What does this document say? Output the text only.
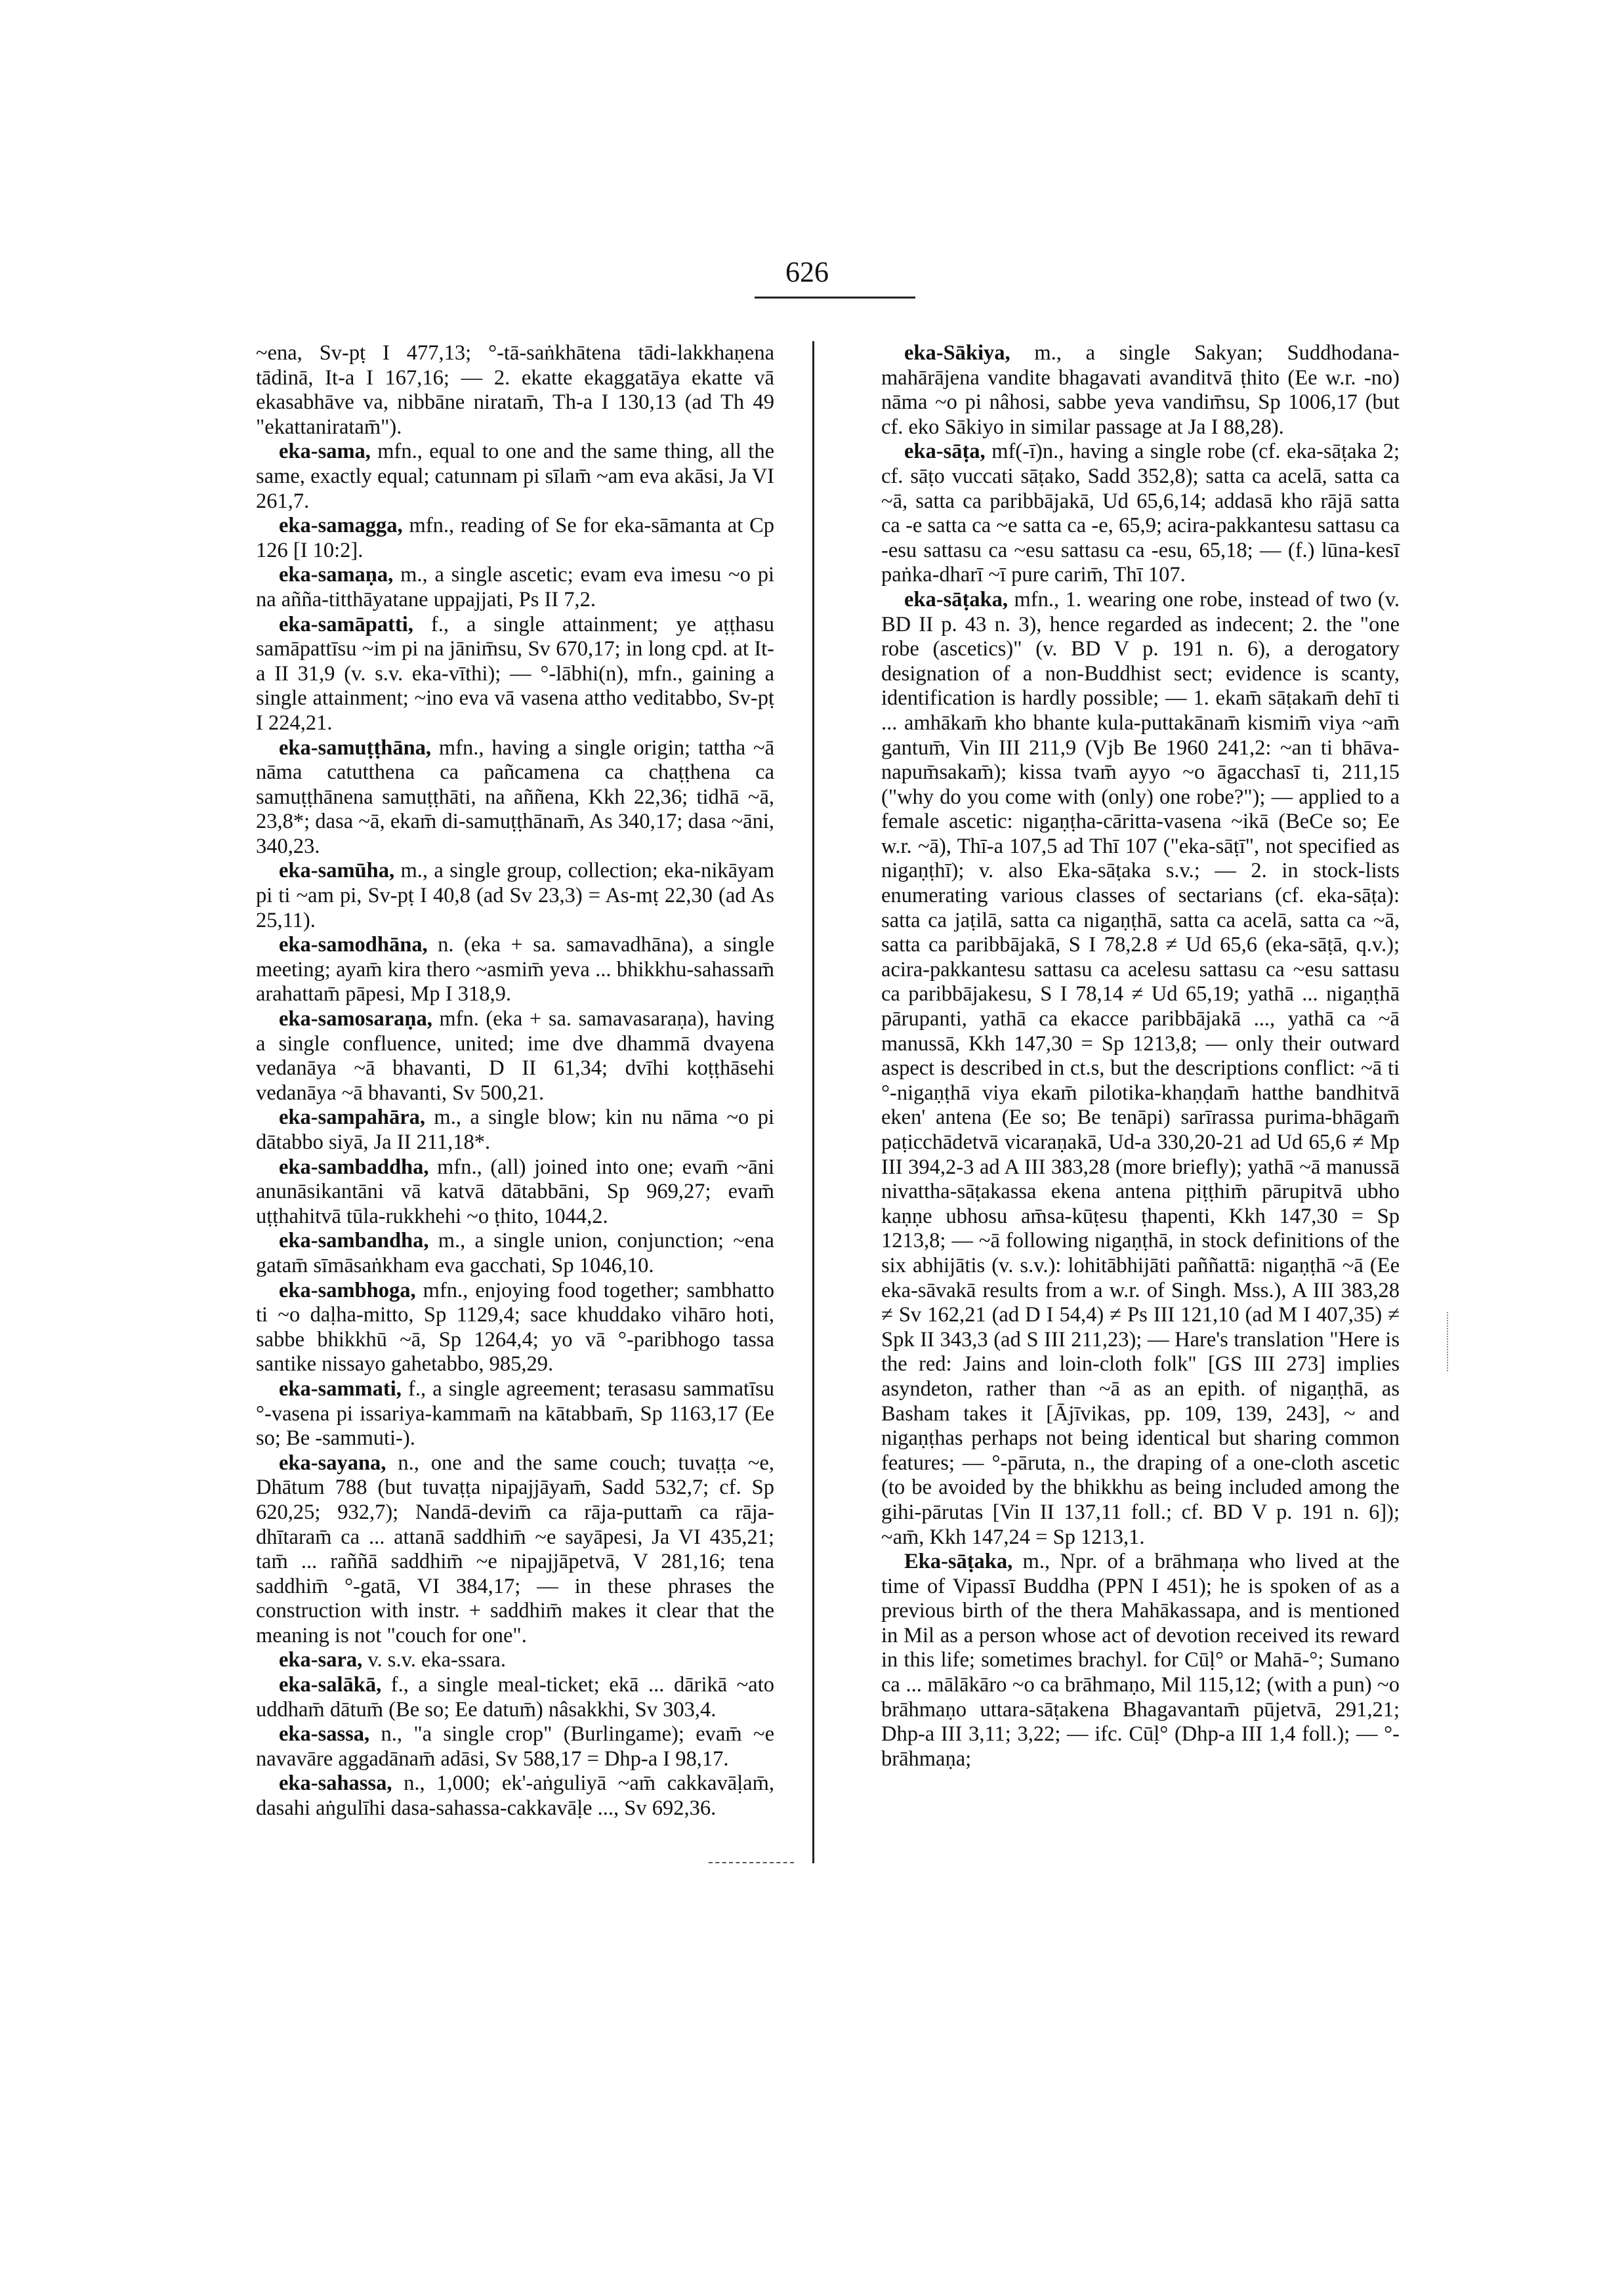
626

~ena, Sv-pṭ I 477,13; °-tā-saṅkhātena tādi-lakkhaṇena tādinā, It-a I 167,16; — 2. ekatte ekaggatāya ekatte vā ekasabhāve va, nibbāne niratam̄, Th-a I 130,13 (ad Th 49 "ekattaniratam̄").

eka-sama, mfn., equal to one and the same thing, all the same, exactly equal; catunnam pi sīlam̄ ~am eva akāsi, Ja VI 261,7.

eka-samagga, mfn., reading of Se for eka-sāmanta at Cp 126 [I 10:2].

eka-samaṇa, m., a single ascetic; evam eva imesu ~o pi na añña-titthāyatane uppajjati, Ps II 7,2.

eka-samāpatti, f., a single attainment; ye aṭṭhasu samāpattīsu ~im pi na jānim̄su, Sv 670,17; in long cpd. at It-a II 31,9 (v. s.v. eka-vīthi); — °-lābhi(n), mfn., gaining a single attainment; ~ino eva vā vasena attho veditabbo, Sv-pṭ I 224,21.

eka-samuṭṭhāna, mfn., having a single origin; tattha ~ā nāma catutthena ca pañcamena ca chaṭṭhena ca samuṭṭhānena samuṭṭhāti, na aññena, Kkh 22,36; tidhā ~ā, 23,8*; dasa ~ā, ekam̄ di-samuṭṭhānam̄, As 340,17; dasa ~āni, 340,23.

eka-samūha, m., a single group, collection; eka-nikāyam pi ti ~am pi, Sv-pṭ I 40,8 (ad Sv 23,3) = As-mṭ 22,30 (ad As 25,11).

eka-samodhāna, n. (eka + sa. samavadhāna), a single meeting; ayam̄ kira thero ~asmim̄ yeva ... bhikkhu-sahassam̄ arahattam̄ pāpesi, Mp I 318,9.

eka-samosaraṇa, mfn. (eka + sa. samavasaraṇa), having a single confluence, united; ime dve dhammā dvayena vedanāya ~ā bhavanti, D II 61,34; dvīhi koṭṭhāsehi vedanāya ~ā bhavanti, Sv 500,21.

eka-sampahāra, m., a single blow; kin nu nāma ~o pi dātabbo siyā, Ja II 211,18*.

eka-sambaddha, mfn., (all) joined into one; evam̄ ~āni anunāsikantāni vā katvā dātabbāni, Sp 969,27; evam̄ uṭṭhahitvā tūla-rukkhehi ~o ṭhito, 1044,2.

eka-sambandha, m., a single union, conjunction; ~ena gatam̄ sīmāsaṅkham eva gacchati, Sp 1046,10.

eka-sambhoga, mfn., enjoying food together; sambhatto ti ~o daḷha-mitto, Sp 1129,4; sace khuddako vihāro hoti, sabbe bhikkhū ~ā, Sp 1264,4; yo vā °-paribhogo tassa santike nissayo gahetabbo, 985,29.

eka-sammati, f., a single agreement; terasasu sammatīsu °-vasena pi issariya-kammam̄ na kātabbam̄, Sp 1163,17 (Ee so; Be -sammuti-).

eka-sayana, n., one and the same couch; tuvaṭṭa ~e, Dhātum 788 (but tuvaṭṭa nipajjāyam̄, Sadd 532,7; cf. Sp 620,25; 932,7); Nandā-devim̄ ca rāja-puttam̄ ca rāja-dhītaram̄ ca ... attanā saddhim̄ ~e sayāpesi, Ja VI 435,21; tam̄ ... raññā saddhim̄ ~e nipajjāpetvā, V 281,16; tena saddhim̄ °-gatā, VI 384,17; — in these phrases the construction with instr. + saddhim̄ makes it clear that the meaning is not "couch for one".

eka-sara, v. s.v. eka-ssara.

eka-salākā, f., a single meal-ticket; ekā ... dārikā ~ato uddham̄ dātum̄ (Be so; Ee datum̄) nâsakkhi, Sv 303,4.

eka-sassa, n., "a single crop" (Burlingame); evam̄ ~e navavāre aggadānam̄ adāsi, Sv 588,17 = Dhp-a I 98,17.

eka-sahassa, n., 1,000; ek'-aṅguliyā ~am̄ cakkavāḷam̄, dasahi aṅgulīhi dasa-sahassa-cakkavāḷe ..., Sv 692,36.

eka-Sākiya, m., a single Sakyan; Suddhodana-mahārājena vandite bhagavati avanditvā ṭhito (Ee w.r. -no) nāma ~o pi nâhosi, sabbe yeva vandim̄su, Sp 1006,17 (but cf. eko Sākiyo in similar passage at Ja I 88,28).

eka-sāṭa, mf(-ī)n., having a single robe (cf. eka-sāṭaka 2; cf. sāṭo vuccati sāṭako, Sadd 352,8); satta ca acelā, satta ca ~ā, satta ca paribbājakā, Ud 65,6,14; addasā kho rājā satta ca -e satta ca ~e satta ca -e, 65,9; acira-pakkantesu sattasu ca -esu sattasu ca ~esu sattasu ca -esu, 65,18; — (f.) lūna-kesī paṅka-dharī ~ī pure carim̄, Thī 107.

eka-sāṭaka, mfn., 1. wearing one robe, instead of two (v. BD II p. 43 n. 3), hence regarded as indecent; 2. the "one robe (ascetics)" (v. BD V p. 191 n. 6), a derogatory designation of a non-Buddhist sect; evidence is scanty, identification is hardly possible; — 1. ekam̄ sāṭakam̄ dehī ti ... amhākam̄ kho bhante kula-puttakānam̄ kismim̄ viya ~am̄ gantum̄, Vin III 211,9 (Vjb Be 1960 241,2: ~an ti bhāva-napum̄sakam̄); kissa tvam̄ ayyo ~o āgacchasī ti, 211,15 ("why do you come with (only) one robe?"); — applied to a female ascetic: nigaṇṭha-cāritta-vasena ~ikā (BeCe so; Ee w.r. ~ā), Thī-a 107,5 ad Thī 107 ("eka-sāṭī", not specified as nigaṇṭhī); v. also Eka-sāṭaka s.v.; — 2. in stock-lists enumerating various classes of sectarians (cf. eka-sāṭa): satta ca jaṭilā, satta ca nigaṇṭhā, satta ca acelā, satta ca ~ā, satta ca paribbājakā, S I 78,2.8 ≠ Ud 65,6 (eka-sāṭā, q.v.); acira-pakkantesu sattasu ca acelesu sattasu ca ~esu sattasu ca paribbājakesu, S I 78,14 ≠ Ud 65,19; yathā ... nigaṇṭhā pārupanti, yathā ca ekacce paribbājakā ..., yathā ca ~ā manussā, Kkh 147,30 = Sp 1213,8; — only their outward aspect is described in ct.s, but the descriptions conflict: ~ā ti °-nigaṇṭhā viya ekam̄ pilotika-khaṇḍam̄ hatthe bandhitvā eken' antena (Ee so; Be tenāpi) sarīrassa purima-bhāgam̄ paṭicchādetvā vicaraṇakā, Ud-a 330,20-21 ad Ud 65,6 ≠ Mp III 394,2-3 ad A III 383,28 (more briefly); yathā ~ā manussā nivattha-sāṭakassa ekena antena piṭṭhim̄ pārupitvā ubho kaṇṇe ubhosu am̄sa-kūṭesu ṭhapenti, Kkh 147,30 = Sp 1213,8; — ~ā following nigaṇṭhā, in stock definitions of the six abhijātis (v. s.v.): lohitābhijāti paññattā: nigaṇṭhā ~ā (Ee eka-sāvakā results from a w.r. of Singh. Mss.), A III 383,28 ≠ Sv 162,21 (ad D I 54,4) ≠ Ps III 121,10 (ad M I 407,35) ≠ Spk II 343,3 (ad S III 211,23); — Hare's translation "Here is the red: Jains and loin-cloth folk" [GS III 273] implies asyndeton, rather than ~ā as an epith. of nigaṇṭhā, as Basham takes it [Ājīvikas, pp. 109, 139, 243], ~ and nigaṇṭhas perhaps not being identical but sharing common features; — °-pāruta, n., the draping of a one-cloth ascetic (to be avoided by the bhikkhu as being included among the gihi-pārutas [Vin II 137,11 foll.; cf. BD V p. 191 n. 6]); ~am̄, Kkh 147,24 = Sp 1213,1.

Eka-sāṭaka, m., Npr. of a brāhmaṇa who lived at the time of Vipassī Buddha (PPN I 451); he is spoken of as a previous birth of the thera Mahākassapa, and is mentioned in Mil as a person whose act of devotion received its reward in this life; sometimes brachyl. for Cūḷ° or Mahā-°; Sumano ca ... mālākāro ~o ca brāhmaṇo, Mil 115,12; (with a pun) ~o brāhmaṇo uttara-sāṭakena Bhagavantam̄ pūjetvā, 291,21; Dhp-a III 3,11; 3,22; — ifc. Cūḷ° (Dhp-a III 1,4 foll.); — °-brāhmaṇa;
